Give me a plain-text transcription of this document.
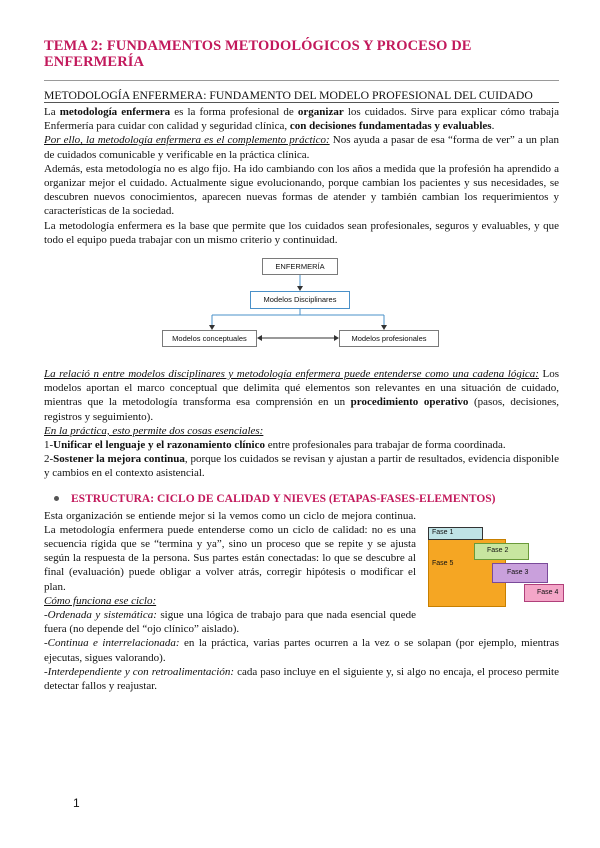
TEMA 2: FUNDAMENTOS METODOLÓGICOS Y PROCESO DE ENFERMERÍA
METODOLOGÍA ENFERMERA: FUNDAMENTO DEL MODELO PROFESIONAL DEL CUIDADO

La metodología enfermera es la forma profesional de organizar los cuidados. Sirve para explicar cómo trabaja Enfermería para cuidar con calidad y seguridad clínica, con decisiones fundamentadas y evaluables.

Por ello, la metodología enfermera es el complemento práctico: Nos ayuda a pasar de esa “forma de ver” a un plan de cuidados comunicable y verificable en la práctica clínica.

Además, esta metodología no es algo fijo. Ha ido cambiando con los años a medida que la profesión ha aprendido a organizar mejor el cuidado. Actualmente sigue evolucionando, porque cambian los pacientes y sus necesidades, se descubren nuevos conocimientos, aparecen nuevas formas de atender y también cambian los requerimientos y características de la sociedad.

La metodología enfermera es la base que permite que los cuidados sean profesionales, seguros y evaluables, y que todo el equipo pueda trabajar con un mismo criterio y continuidad.

ENFERMERÍA
Modelos Disciplinares
Modelos conceptuales	Modelos profesionales

La relació n entre modelos disciplinares y metodología enfermera puede entenderse como una cadena lógica: Los modelos aportan el marco conceptual que delimita qué elementos son relevantes en una situación de cuidado, mientras que la metodología transforma esa comprensión en un procedimiento operativo (pasos, decisiones, registros y seguimiento).

En la práctica, esto permite dos cosas esenciales:

1-Unificar el lenguaje y el razonamiento clínico entre profesionales para trabajar de forma coordinada.

2-Sostener la mejora continua, porque los cuidados se revisan y ajustan a partir de resultados, evidencia disponible y cambios en el contexto asistencial.

ESTRUCTURA: CICLO DE CALIDAD Y NIEVES (ETAPAS-FASES-ELEMENTOS)

Esta organización se entiende mejor si la vemos como un ciclo de mejora continua. La metodología enfermera puede entenderse como un ciclo de calidad: no es una secuencia rígida que se “termina y ya”, sino un proceso que se repite y se ajusta según la respuesta de la persona. Sus partes están conectadas: lo que se descubre al final (evaluación) puede obligar a volver atrás, corregir hipótesis o modificar el plan.

Cómo funciona ese ciclo:

-Ordenada y sistemática: sigue una lógica de trabajo para que nada esencial quede fuera (no depende del “ojo clínico” aislado).

Fase 5
Fase 1
Fase 2
Fase 3
Fase 4

-Continua e interrelacionada: en la práctica, varias partes ocurren a la vez o se solapan (por ejemplo, mientras ejecutas, sigues valorando).

-Interdependiente y con retroalimentación: cada paso incluye en el siguiente y, si algo no encaja, el proceso permite detectar fallos y reajustar.

1
